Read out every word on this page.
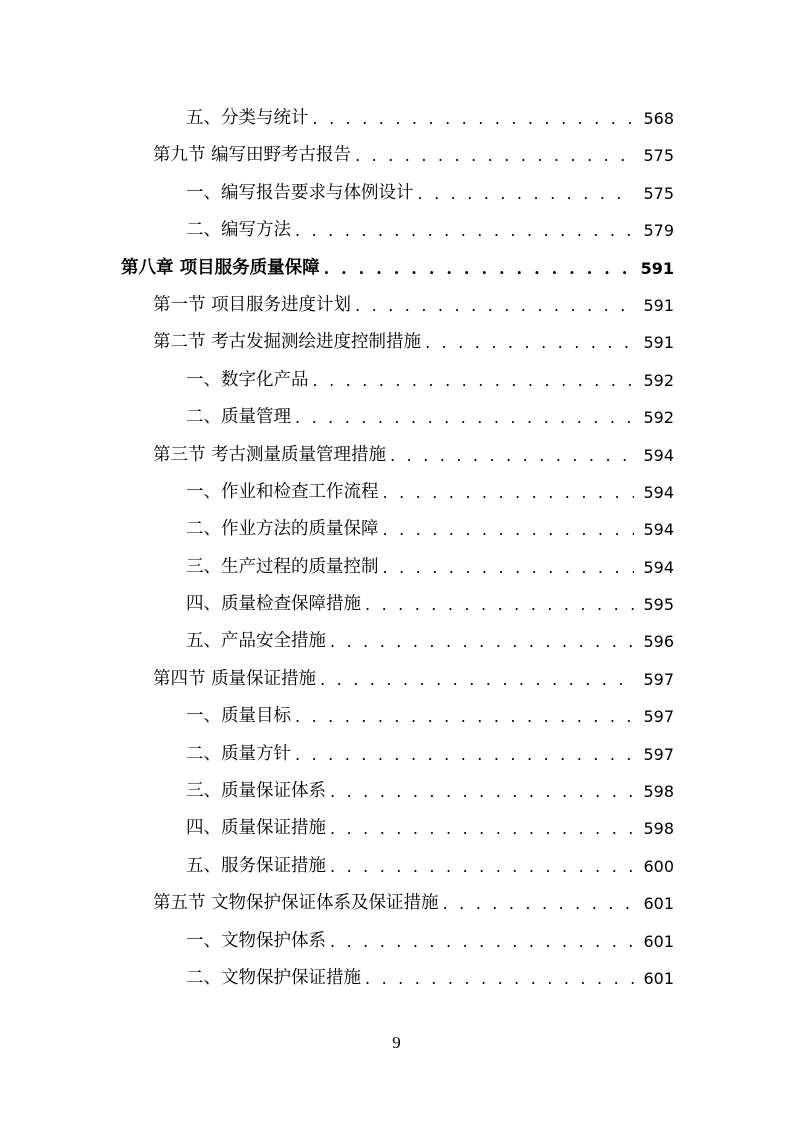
五、分类与统计 . . .	568
第九节 编写田野考古报告 . . .	575
一、编写报告要求与体例设计 . . .	575
二、编写方法 . . .	579
第八章 项目服务质量保障 . . .	591
第一节 项目服务进度计划 . . .	591
第二节 考古发掘测绘进度控制措施 . . .	591
一、数字化产品 . . .	592
二、质量管理 . . .	592
第三节 考古测量质量管理措施 . . .	594
一、作业和检查工作流程 . . .	594
二、作业方法的质量保障 . . .	594
三、生产过程的质量控制 . . .	594
四、质量检查保障措施 . . .	595
五、产品安全措施 . . .	596
第四节 质量保证措施 . . .	597
一、质量目标 . . .	597
二、质量方针 . . .	597
三、质量保证体系 . . .	598
四、质量保证措施 . . .	598
五、服务保证措施 . . .	600
第五节 文物保护保证体系及保证措施 . . .	601
一、文物保护体系 . . .	601
二、文物保护保证措施 . . .	601
9
